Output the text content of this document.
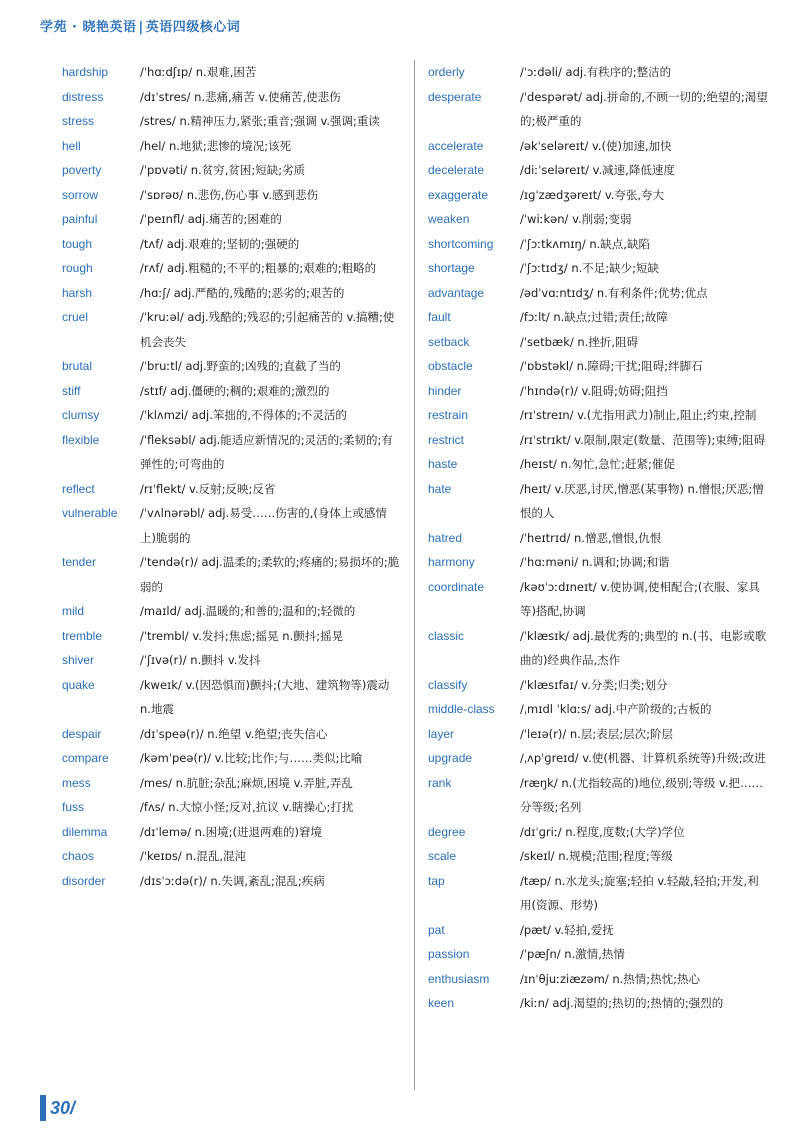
学苑 · 晓艳英语 | 英语四级核心词
hardship	/ˈhɑːdʃɪp/ n.艰难,困苦
distress	/dɪˈstres/ n.悲痛,痛苦 v.使痛苦,使悲伤
stress	/stres/ n.精神压力,紧张;重音;强调 v.强调;重读
hell	/hel/ n.地狱;悲惨的境况;该死
poverty	/ˈpɒvəti/ n.贫穷,贫困;短缺;劣质
sorrow	/ˈsɒrəʊ/ n.悲伤,伤心事 v.感到悲伤
painful	/ˈpeɪnfl/ adj.痛苦的;困难的
tough	/tʌf/ adj.艰难的;坚韧的;强硬的
rough	/rʌf/ adj.粗糙的;不平的;粗暴的;艰难的;粗略的
harsh	/hɑːʃ/ adj.严酷的,残酷的;恶劣的;艰苦的
cruel	/ˈkruːəl/ adj.残酷的;残忍的;引起痛苦的 v.搞糟;使机会丧失
brutal	/ˈbruːtl/ adj.野蛮的;凶残的;直截了当的
stiff	/stɪf/ adj.僵硬的;稠的;艰难的;激烈的
clumsy	/ˈklʌmzi/ adj.笨拙的,不得体的;不灵活的
flexible	/ˈfleksəbl/ adj.能适应新情况的;灵活的;柔韧的;有弹性的;可弯曲的
reflect	/rɪˈflekt/ v.反射;反映;反省
vulnerable	/ˈvʌlnərəbl/ adj.易受……伤害的,(身体上或感情上)脆弱的
tender	/ˈtendə(r)/ adj.温柔的;柔软的;疼痛的;易损坏的;脆弱的
mild	/maɪld/ adj.温暖的;和善的;温和的;轻微的
tremble	/ˈtrembl/ v.发抖;焦虑;摇晃 n.颤抖;摇晃
shiver	/ˈʃɪvə(r)/ n.颤抖 v.发抖
quake	/kweɪk/ v.(因恐惧而)颤抖;(大地、建筑物等)震动 n.地震
despair	/dɪˈspeə(r)/ n.绝望 v.绝望;丧失信心
compare	/kəmˈpeə(r)/ v.比较;比作;与……类似;比喻
mess	/mes/ n.肮脏;杂乱;麻烦,困境 v.弄脏,弄乱
fuss	/fʌs/ n.大惊小怪;反对,抗议 v.瞎操心;打扰
dilemma	/dɪˈlemə/ n.困境;(进退两难的)窘境
chaos	/ˈkeɪɒs/ n.混乱,混沌
disorder	/dɪsˈɔːdə(r)/ n.失调,紊乱;混乱;疾病
orderly	/ˈɔːdəli/ adj.有秩序的;整洁的
desperate	/ˈdespərət/ adj.拼命的,不顾一切的;绝望的;渴望的;极严重的
accelerate	/əkˈseləreɪt/ v.(使)加速,加快
decelerate	/diːˈseləreɪt/ v.减速,降低速度
exaggerate	/ɪɡˈzædʒəreɪt/ v.夸张,夸大
weaken	/ˈwiːkən/ v.削弱;变弱
shortcoming	/ˈʃɔːtkʌmɪŋ/ n.缺点,缺陷
shortage	/ˈʃɔːtɪdʒ/ n.不足;缺少;短缺
advantage	/ədˈvɑːntɪdʒ/ n.有利条件;优势;优点
fault	/fɔːlt/ n.缺点;过错;责任;故障
setback	/ˈsetbæk/ n.挫折,阻碍
obstacle	/ˈɒbstəkl/ n.障碍;干扰;阻碍;绊脚石
hinder	/ˈhɪndə(r)/ v.阻碍;妨碍;阻挡
restrain	/rɪˈstreɪn/ v.(尤指用武力)制止,阻止;约束,控制
restrict	/rɪˈstrɪkt/ v.限制,限定(数量、范围等);束缚;阻碍
haste	/heɪst/ n.匆忙,急忙;赶紧;催促
hate	/heɪt/ v.厌恶,讨厌,憎恶(某事物) n.憎恨;厌恶;憎恨的人
hatred	/ˈheɪtrɪd/ n.憎恶,憎恨,仇恨
harmony	/ˈhɑːməni/ n.调和;协调;和谐
coordinate	/kəʊˈɔːdɪneɪt/ v.使协调,使相配合;(衣服、家具等)搭配,协调
classic	/ˈklæsɪk/ adj.最优秀的;典型的 n.(书、电影或歌曲的)经典作品,杰作
classify	/ˈklæsɪfaɪ/ v.分类;归类;划分
middle-class	/ˌmɪdl ˈklɑːs/ adj.中产阶级的;古板的
layer	/ˈleɪə(r)/ n.层;表层;层次;阶层
upgrade	/ˌʌpˈɡreɪd/ v.使(机器、计算机系统等)升级;改进
rank	/ræŋk/ n.(尤指较高的)地位,级别;等级 v.把……分等级;名列
degree	/dɪˈɡriː/ n.程度,度数;(大学)学位
scale	/skeɪl/ n.规模;范围;程度;等级
tap	/tæp/ n.水龙头;旋塞;轻拍 v.轻敲,轻拍;开发,利用(资源、形势)
pat	/pæt/ v.轻拍,爱抚
passion	/ˈpæʃn/ n.激情,热情
enthusiasm	/ɪnˈθjuːziæzəm/ n.热情;热忱;热心
keen	/kiːn/ adj.渴望的;热切的;热情的;强烈的
30/
